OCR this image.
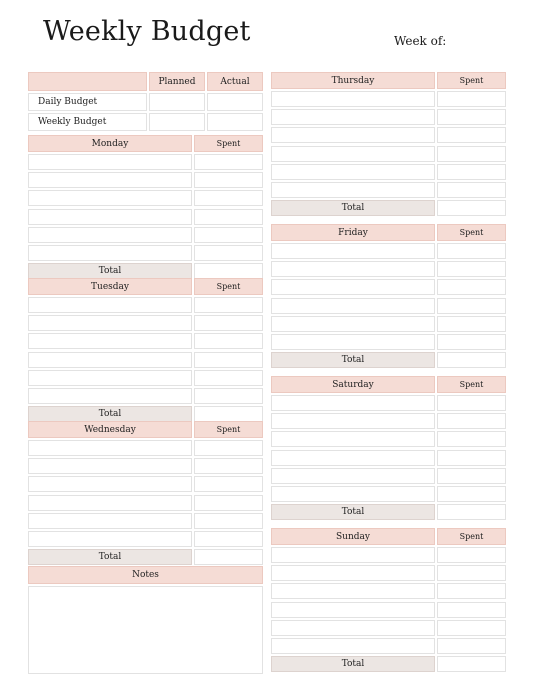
Weekly Budget	Week of:
Planned	Actual
Daily Budget
Weekly Budget
Monday	Spent
Total
Tuesday	Spent
Total
Wednesday	Spent
Total
Thursday	Spent
Total
Friday	Spent
Total
Saturday	Spent
Total
Sunday	Spent
Total
Notes
